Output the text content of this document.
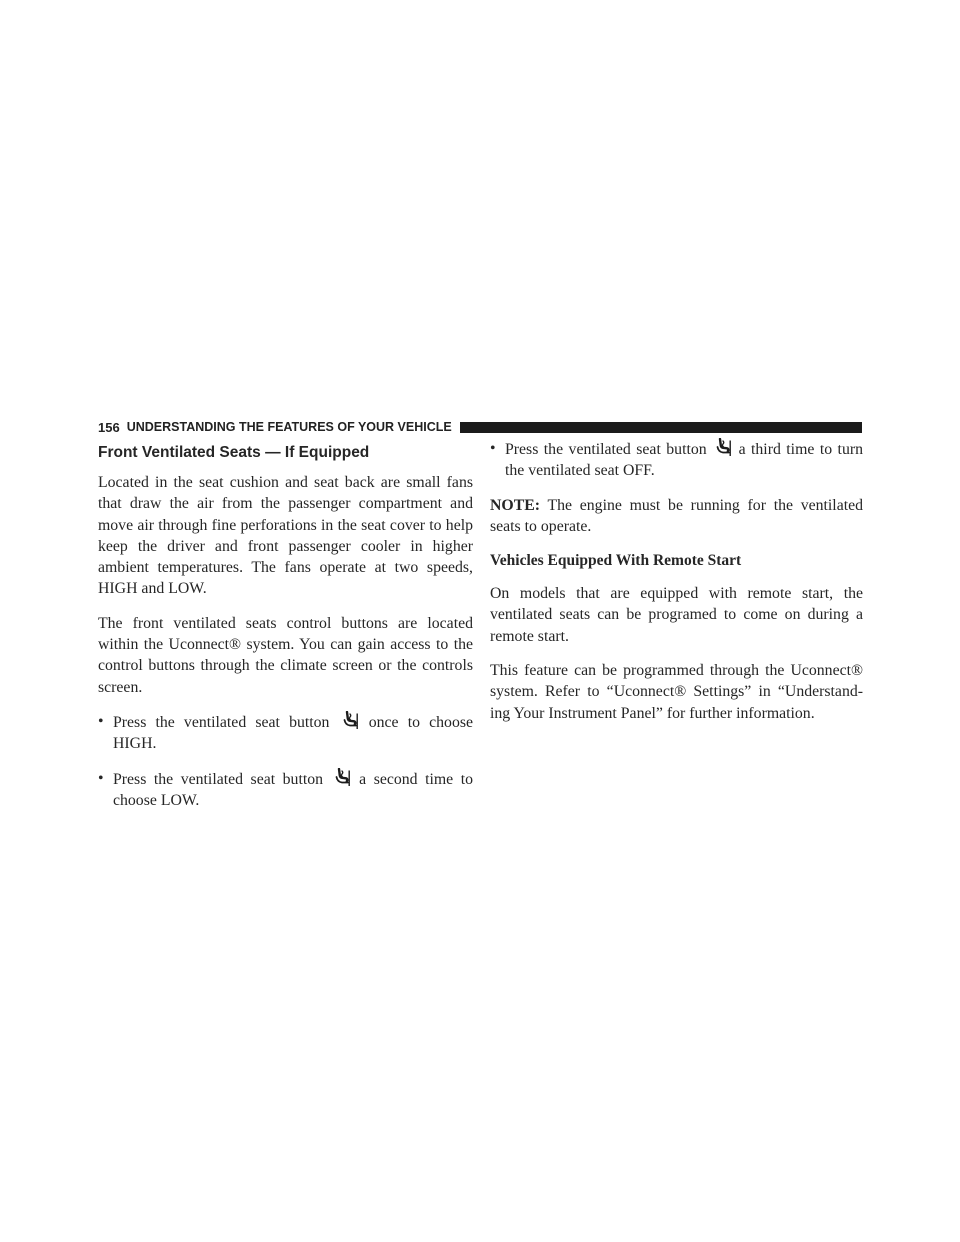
156 UNDERSTANDING THE FEATURES OF YOUR VEHICLE
Front Ventilated Seats — If Equipped

Located in the seat cushion and seat back are small fans that draw the air from the passenger compartment and move air through fine perforations in the seat cover to help keep the driver and front passenger cooler in higher ambient temperatures. The fans operate at two speeds, HIGH and LOW.

The front ventilated seats control buttons are located within the Uconnect® system. You can gain access to the control buttons through the climate screen or the controls screen.

• Press the ventilated seat button once to choose HIGH.
• Press the ventilated seat button a second time to choose LOW.
• Press the ventilated seat button a third time to turn the ventilated seat OFF.

NOTE: The engine must be running for the ventilated seats to operate.

Vehicles Equipped With Remote Start

On models that are equipped with remote start, the ventilated seats can be programed to come on during a remote start.

This feature can be programmed through the Uconnect® system. Refer to “Uconnect® Settings” in “Understand-ing Your Instrument Panel” for further information.
